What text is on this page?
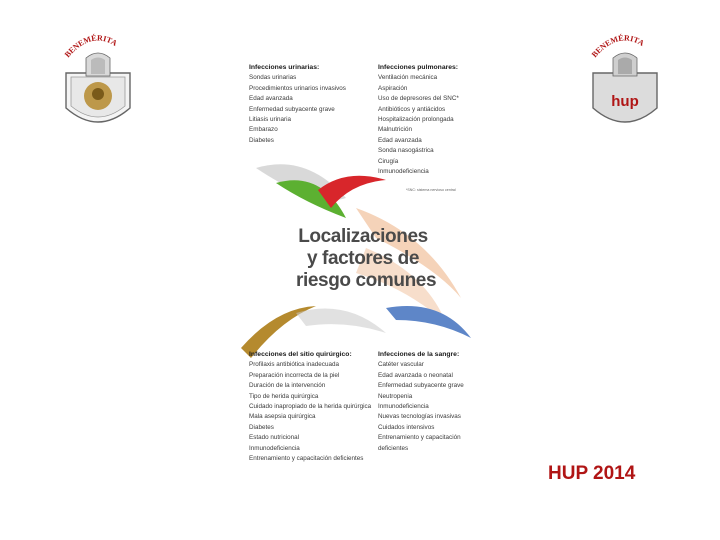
BENEMÉRITA
BENEMÉRITA
hup
Infecciones urinarias:
Sondas urinarias
Procedimientos urinarios invasivos
Edad avanzada
Enfermedad subyacente grave
Litiasis urinaria
Embarazo
Diabetes
Infecciones pulmonares:
Ventilación mecánica
Aspiración
Uso de depresores del SNC*
Antibióticos y antiácidos
Hospitalización prolongada
Malnutrición
Edad avanzada
Sonda nasogástrica
Cirugía
Inmunodeficiencia
Infecciones del sitio quirúrgico:
Profilaxis antibiótica inadecuada
Preparación incorrecta de la piel
Duración de la intervención
Tipo de herida quirúrgica
Cuidado inapropiado de la herida quirúrgica
Mala asepsia quirúrgica
Diabetes
Estado nutricional
Inmunodeficiencia
Entrenamiento y capacitación deficientes
Infecciones de la sangre:
Catéter vascular
Edad avanzada o neonatal
Enfermedad subyacente grave
Neutropenia
Inmunodeficiencia
Nuevas tecnologías invasivas
Cuidados intensivos
Entrenamiento y capacitación
deficientes
*SNC: sistema nervioso central
Localizaciones
y factores de
riesgo comunes
HUP 2014
